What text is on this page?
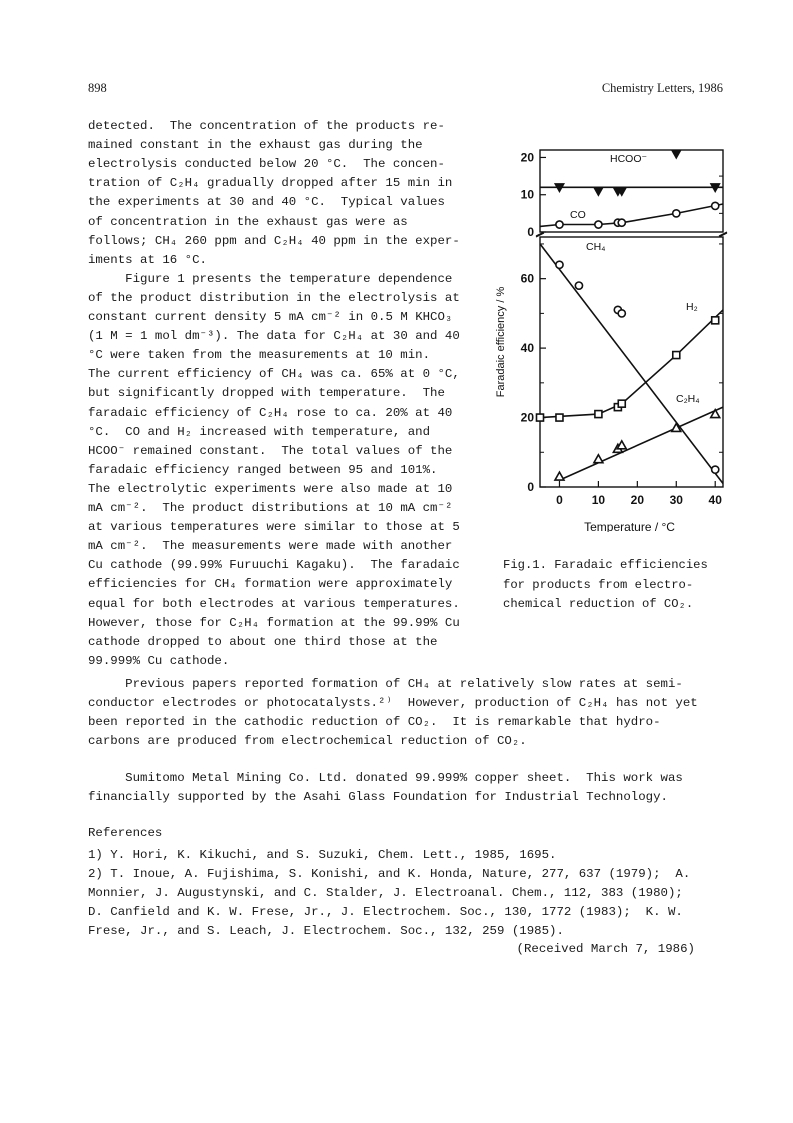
898	Chemistry Letters, 1986
detected.  The concentration of the products re-
mained constant in the exhaust gas during the
electrolysis conducted below 20 °C.  The concen-
tration of C₂H₄ gradually dropped after 15 min in
the experiments at 30 and 40 °C.  Typical values
of concentration in the exhaust gas were as
follows; CH₄ 260 ppm and C₂H₄ 40 ppm in the exper-
iments at 16 °C.
Figure 1 presents the temperature dependence
of the product distribution in the electrolysis at
constant current density 5 mA cm⁻² in 0.5 M KHCO₃
(1 M = 1 mol dm⁻³). The data for C₂H₄ at 30 and 40
°C were taken from the measurements at 10 min.
The current efficiency of CH₄ was ca. 65% at 0 °C,
but significantly dropped with temperature.  The
faradaic efficiency of C₂H₄ rose to ca. 20% at 40
°C.  CO and H₂ increased with temperature, and
HCOO⁻ remained constant.  The total values of the
faradaic efficiency ranged between 95 and 101%.
The electrolytic experiments were also made at 10
mA cm⁻².  The product distributions at 10 mA cm⁻²
at various temperatures were similar to those at 5
mA cm⁻².  The measurements were made with another
Cu cathode (99.99% Furuuchi Kagaku).  The faradaic
efficiencies for CH₄ formation were approximately
equal for both electrodes at various temperatures.
However, those for C₂H₄ formation at the 99.99% Cu
cathode dropped to about one third those at the
99.999% Cu cathode.
Previous papers reported formation of CH₄ at relatively slow rates at semi-
conductor electrodes or photocatalysts.²⁾  However, production of C₂H₄ has not yet
been reported in the cathodic reduction of CO₂.  It is remarkable that hydro-
carbons are produced from electrochemical reduction of CO₂.
Sumitomo Metal Mining Co. Ltd. donated 99.999% copper sheet.  This work was
financially supported by the Asahi Glass Foundation for Industrial Technology.
References
1) Y. Hori, K. Kikuchi, and S. Suzuki, Chem. Lett., 1985, 1695.
2) T. Inoue, A. Fujishima, S. Konishi, and K. Honda, Nature, 277, 637 (1979);  A.
Monnier, J. Augustynski, and C. Stalder, J. Electroanal. Chem., 112, 383 (1980);
D. Canfield and K. W. Frese, Jr., J. Electrochem. Soc., 130, 1772 (1983);  K. W.
Frese, Jr., and S. Leach, J. Electrochem. Soc., 132, 259 (1985).
(Received March 7, 1986)
0
10
20
20
40
60
0
0 10 20 30 40
Temperature / °C
Faradaic efficiency / %
HCOO⁻
CO
CH₄
H₂
C₂H₄
Fig.1. Faradaic efficiencies
for products from electro-
chemical reduction of CO₂.
